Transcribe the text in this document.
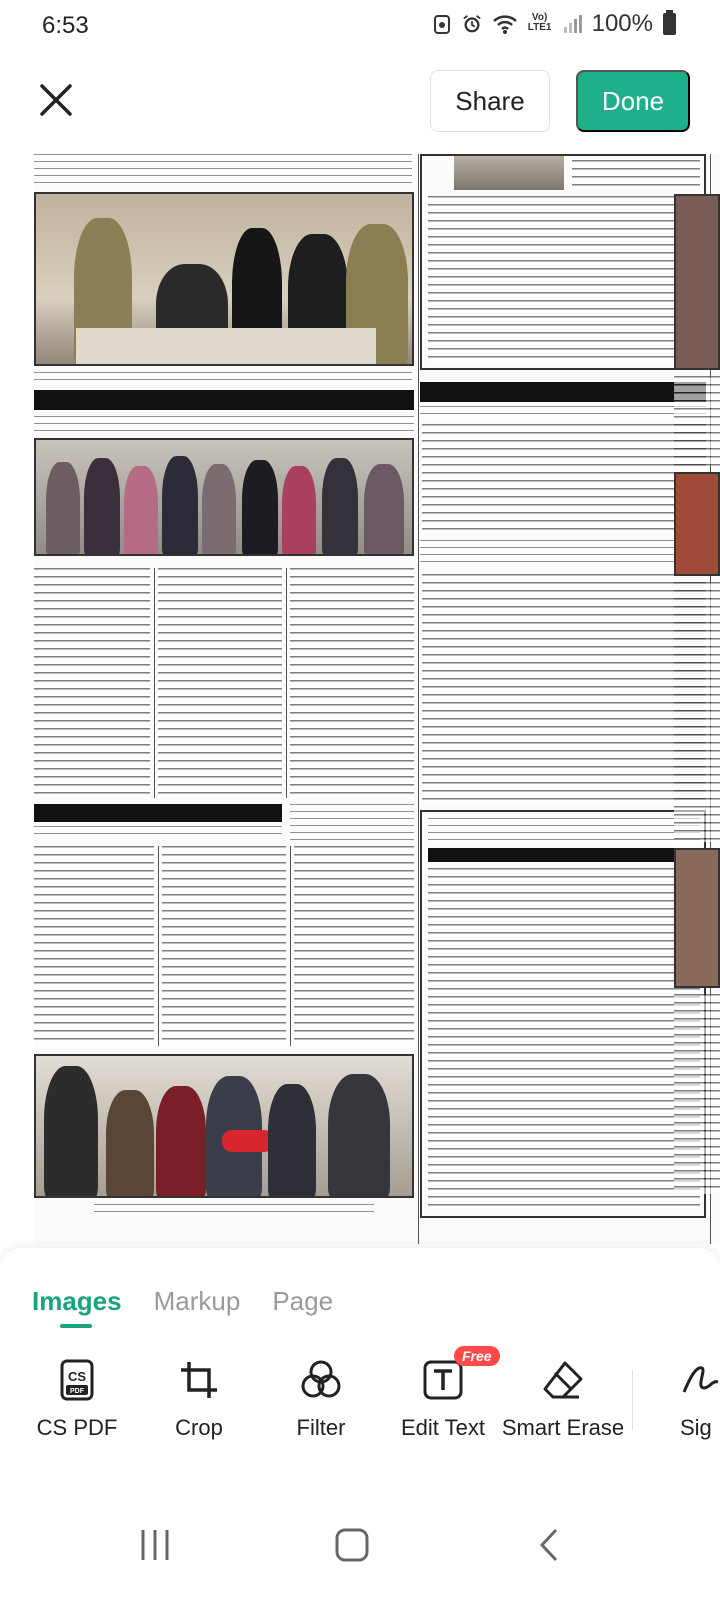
6:53	Vo) LTE1 100%
Share	Done
Images Markup Page
CS
PDF
CS PDF	Crop	Filter
Free
Edit Text Smart Erase	Sig
